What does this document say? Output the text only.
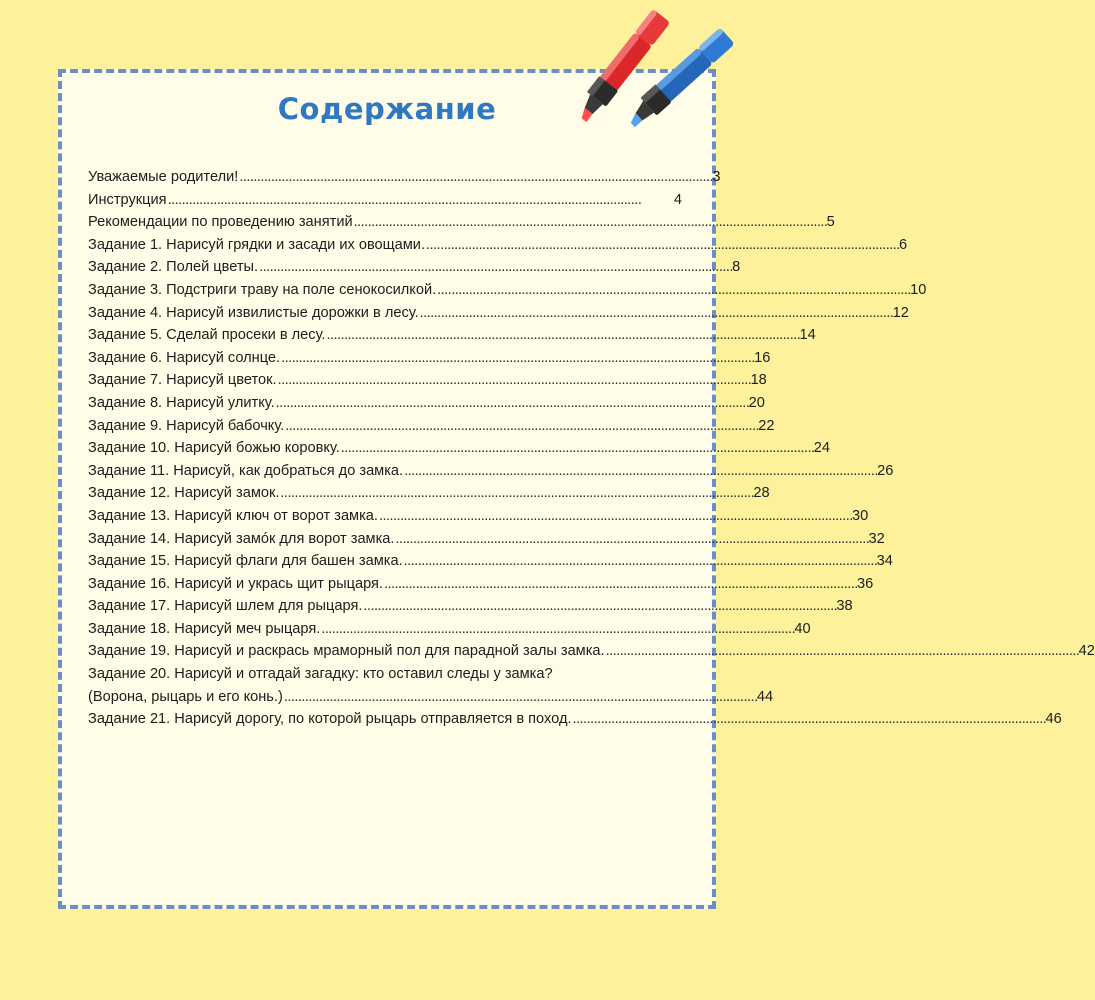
Содержание
Уважаемые родители! . . .	3
Инструкция . . .	4
Рекомендации по проведению занятий . . .	5
Задание 1. Нарисуй грядки и засади их овощами. . . .	6
Задание 2. Полей цветы. . . .	8
Задание 3. Подстриги траву на поле сенокосилкой. . . .	10
Задание 4. Нарисуй извилистые дорожки в лесу. . . .	12
Задание 5. Сделай просеки в лесу. . . .	14
Задание 6. Нарисуй солнце. . . .	16
Задание 7. Нарисуй цветок. . . .	18
Задание 8. Нарисуй улитку. . . .	20
Задание 9. Нарисуй бабочку. . . .	22
Задание 10. Нарисуй божью коровку. . . .	24
Задание 11. Нарисуй, как добраться до замка. . . .	26
Задание 12. Нарисуй замок. . . .	28
Задание 13. Нарисуй ключ от ворот замка. . . .	30
Задание 14. Нарисуй замóк для ворот замка. . . .	32
Задание 15. Нарисуй флаги для башен замка. . . .	34
Задание 16. Нарисуй и укрась щит рыцаря. . . .	36
Задание 17. Нарисуй шлем для рыцаря. . . .	38
Задание 18. Нарисуй меч рыцаря. . . .	40
Задание 19. Нарисуй и раскрась мраморный пол для парадной залы замка. . . .	42
Задание 20. Нарисуй и отгадай загадку: кто оставил следы у замка?
(Ворона, рыцарь и его конь.) . . .	44
Задание 21. Нарисуй дорогу, по которой рыцарь отправляется в поход. . . .	46
